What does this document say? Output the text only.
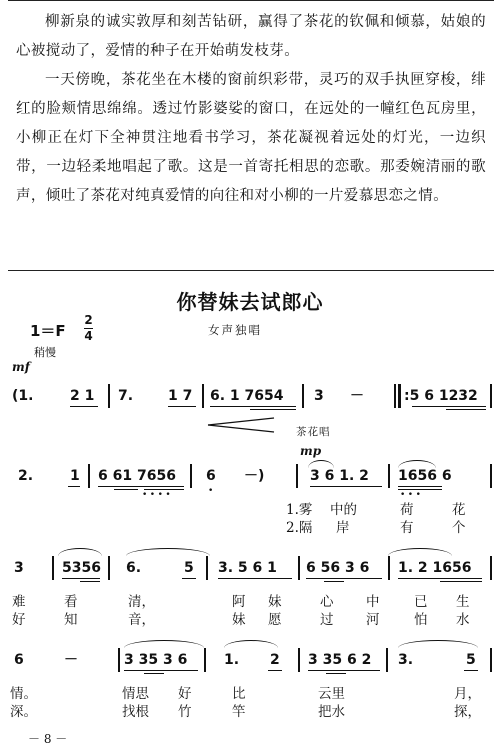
柳新泉的诚实敦厚和刻苦钻研，赢得了茶花的钦佩和倾慕，姑娘的心被搅动了，爱情的种子在开始萌发枝芽。

一天傍晚，茶花坐在木楼的窗前织彩带，灵巧的双手执匣穿梭，绯红的脸颊情思绵绵。透过竹影婆娑的窗口，在远处的一幢红色瓦房里，小柳正在灯下全神贯注地看书学习，茶花凝视着远处的灯光，一边织带，一边轻柔地唱起了歌。这是一首寄托相思的恋歌。那委婉清丽的歌声，倾吐了茶花对纯真爱情的向往和对小柳的一片爱慕思恋之情。

你替妹去试郎心
1＝F
2
4	女声独唱
稍慢
mf
(1.	2 1 7. 1 7 6. 1 7654 3 －	:5 6 1232
茶花唱
mp
2.	1 6 61 7656
••••
6
•
－)	3 6 1. 2 1656 6
•••
1.雾 中的	荷	花
2.隔 岸	有	个
3	5356 6.	5 3. 5 6 1 6 56 3 6 1. 2 1656
难	看	清，	阿 妹	心 中	已 生
好	知	音，	妹 愿	过 河	怕 水
6	－	3 35 3 6	1. 2 3 35 6 2 3.	5
情。	情思 好	比	云里	月，
深。	找根 竹	竿	把水	探，
－ 8 －
